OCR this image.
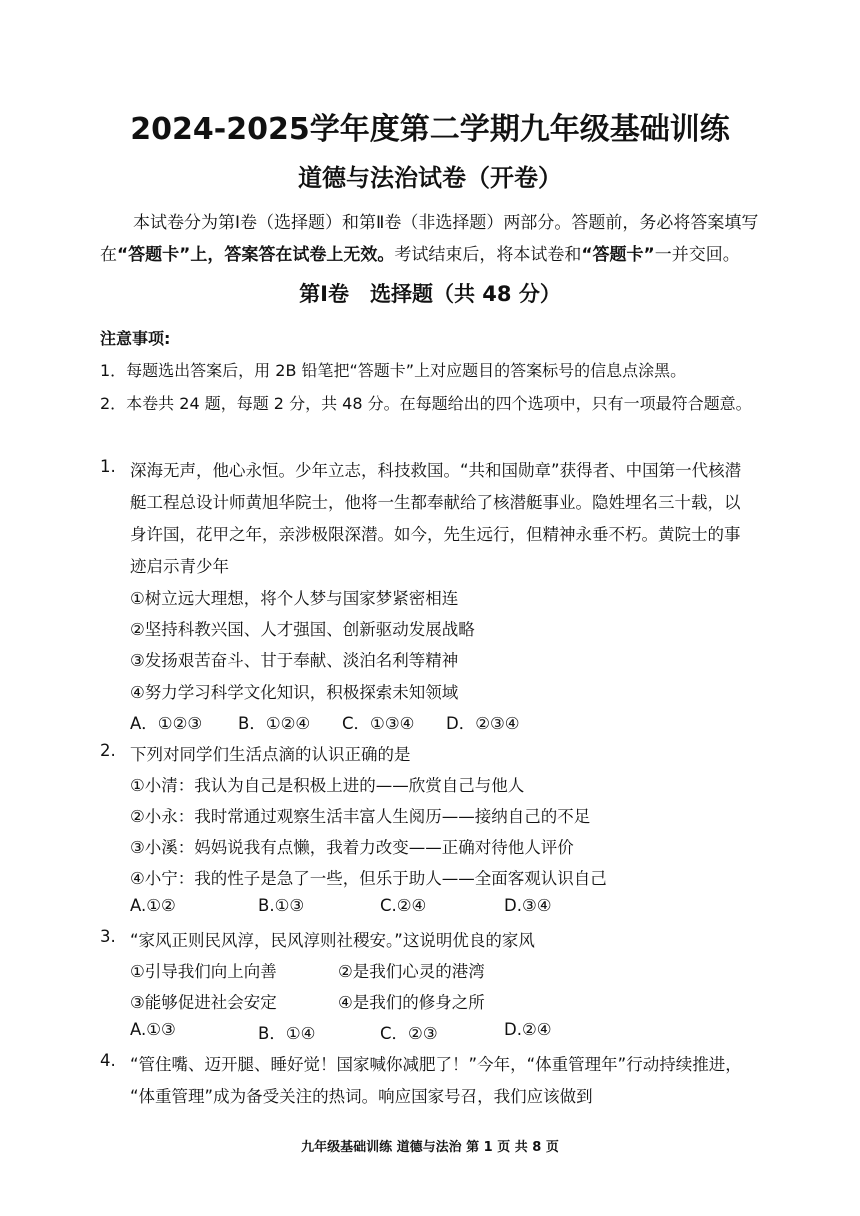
2024-2025学年度第二学期九年级基础训练
道德与法治试卷（开卷）
本试卷分为第Ⅰ卷（选择题）和第Ⅱ卷（非选择题）两部分。答题前，务必将答案填写
在“答题卡”上，答案答在试卷上无效。考试结束后，将本试卷和“答题卡”一并交回。
第Ⅰ卷　选择题（共 48 分）
注意事项:
1．每题选出答案后，用 2B 铅笔把“答题卡”上对应题目的答案标号的信息点涂黑。
2．本卷共 24 题，每题 2 分，共 48 分。在每题给出的四个选项中，只有一项最符合题意。
1. 深海无声，他心永恒。少年立志，科技救国。“共和国勋章”获得者、中国第一代核潜
艇工程总设计师黄旭华院士，他将一生都奉献给了核潜艇事业。隐姓埋名三十载，以
身许国，花甲之年，亲涉极限深潜。如今，先生远行，但精神永垂不朽。黄院士的事
迹启示青少年
①树立远大理想，将个人梦与国家梦紧密相连
②坚持科教兴国、人才强国、创新驱动发展战略
③发扬艰苦奋斗、甘于奉献、淡泊名利等精神
④努力学习科学文化知识，积极探索未知领域
A．①②③ B．①②④ C．①③④ D．②③④
2. 下列对同学们生活点滴的认识正确的是
①小清：我认为自己是积极上进的——欣赏自己与他人
②小永：我时常通过观察生活丰富人生阅历——接纳自己的不足
③小溪：妈妈说我有点懒，我着力改变——正确对待他人评价
④小宁：我的性子是急了一些，但乐于助人——全面客观认识自己
A.①②	B.①③	C.②④	D.③④
3. “家风正则民风淳，民风淳则社稷安。”这说明优良的家风
①引导我们向上向善	②是我们心灵的港湾
③能够促进社会安定	④是我们的修身之所
A.①③	B．①④	C．②③	D.②④
4. “管住嘴、迈开腿、睡好觉！国家喊你减肥了！”今年，“体重管理年”行动持续推进，
“体重管理”成为备受关注的热词。响应国家号召，我们应该做到
九年级基础训练 道德与法治 第 1 页 共 8 页
